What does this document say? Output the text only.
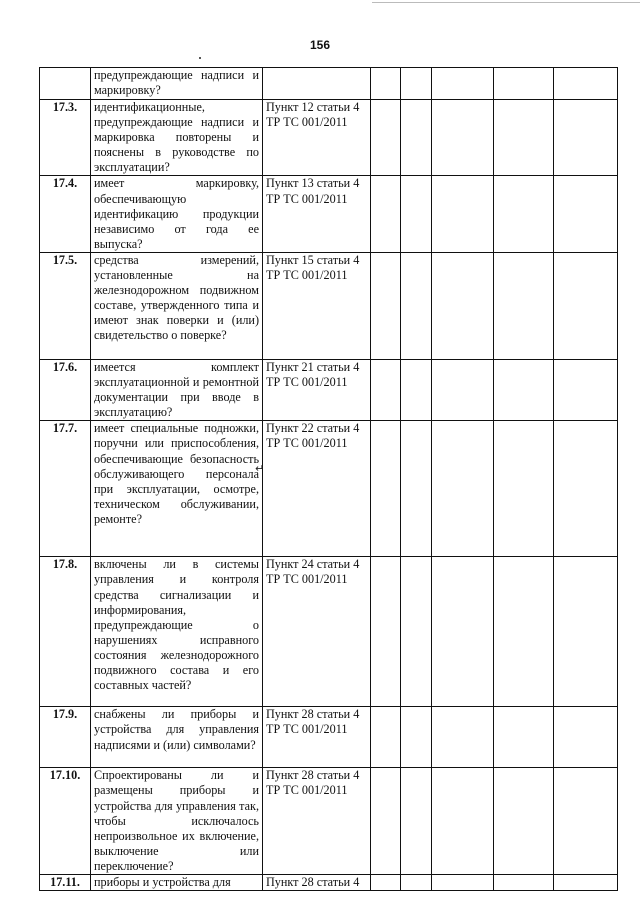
156
	предупреждающие надписи и маркировку?						
17.3.	идентификационные, предупреждающие надписи и маркировка повторены и пояснены в руководстве по эксплуатации?	Пункт 12 статьи 4
ТР ТС 001/2011					

17.4.	имеет маркировку, обеспечивающую идентификацию продукции независимо от года ее выпуска?	Пункт 13 статьи 4
ТР ТС 001/2011					

17.5.	средства измерений, установленные на железнодорожном подвижном составе, утвержденного типа и имеют знак поверки и (или) свидетельство о поверке?	Пункт 15 статьи 4
ТР ТС 001/2011					

17.6.	имеется комплект эксплуатационной и ремонтной документации при вводе в эксплуатацию?	Пункт 21 статьи 4
ТР ТС 001/2011					

17.7.	имеет специальные подножки, поручни или приспособления, обеспечивающие безопасность обслуживающего персонала при эксплуатации, осмотре, техническом обслуживании, ремонте?	Пункт 22 статьи 4
ТР ТС 001/2011					

17.8.	включены ли в системы управления и контроля средства сигнализации и информирования, предупреждающие о нарушениях исправного состояния железнодорожного подвижного состава и его составных частей?	Пункт 24 статьи 4
ТР ТС 001/2011					

17.9.	снабжены ли приборы и устройства для управления надписями и (или) символами?	Пункт 28 статьи 4
ТР ТС 001/2011					

17.10.	Спроектированы ли и размещены приборы и устройства для управления так, чтобы исключалось непроизвольное их включение, выключение или переключение?	Пункт 28 статьи 4
ТР ТС 001/2011					

17.11.	приборы и устройства для	Пункт 28 статьи 4					

↵
